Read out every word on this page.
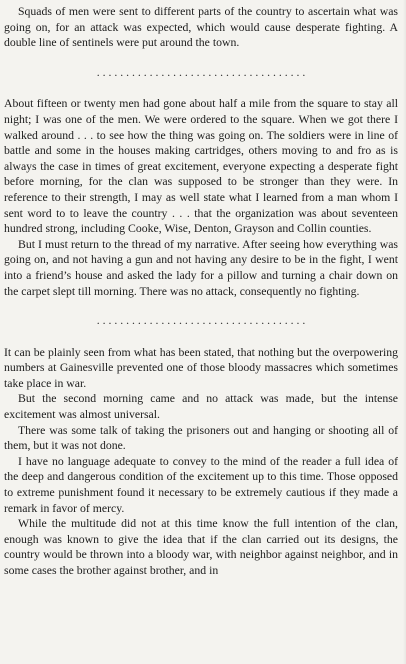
Squads of men were sent to different parts of the country to ascertain what was going on, for an attack was expected, which would cause desperate fighting. A double line of sentinels were put around the town.

. . . . . . . . . . . . . . . . . . . . . . . . . . . . . . . . . . . .

About fifteen or twenty men had gone about half a mile from the square to stay all night; I was one of the men. We were ordered to the square. When we got there I walked around . . . to see how the thing was going on. The soldiers were in line of battle and some in the houses making cartridges, others moving to and fro as is always the case in times of great excitement, everyone expecting a desperate fight before morning, for the clan was supposed to be stronger than they were. In reference to their strength, I may as well state what I learned from a man whom I sent word to to leave the country . . . that the organization was about seventeen hundred strong, including Cooke, Wise, Denton, Grayson and Collin counties.

But I must return to the thread of my narrative. After seeing how everything was going on, and not having a gun and not having any desire to be in the fight, I went into a friend’s house and asked the lady for a pillow and turning a chair down on the carpet slept till morning. There was no attack, consequently no fighting.

. . . . . . . . . . . . . . . . . . . . . . . . . . . . . . . . . . . .

It can be plainly seen from what has been stated, that nothing but the overpowering numbers at Gainesville prevented one of those bloody massacres which sometimes take place in war.

But the second morning came and no attack was made, but the intense excitement was almost universal.

There was some talk of taking the prisoners out and hanging or shooting all of them, but it was not done.

I have no language adequate to convey to the mind of the reader a full idea of the deep and dangerous condition of the excitement up to this time. Those opposed to extreme punishment found it necessary to be extremely cautious if they made a remark in favor of mercy.

While the multitude did not at this time know the full intention of the clan, enough was known to give the idea that if the clan carried out its designs, the country would be thrown into a bloody war, with neighbor against neighbor, and in some cases the brother against brother, and in
